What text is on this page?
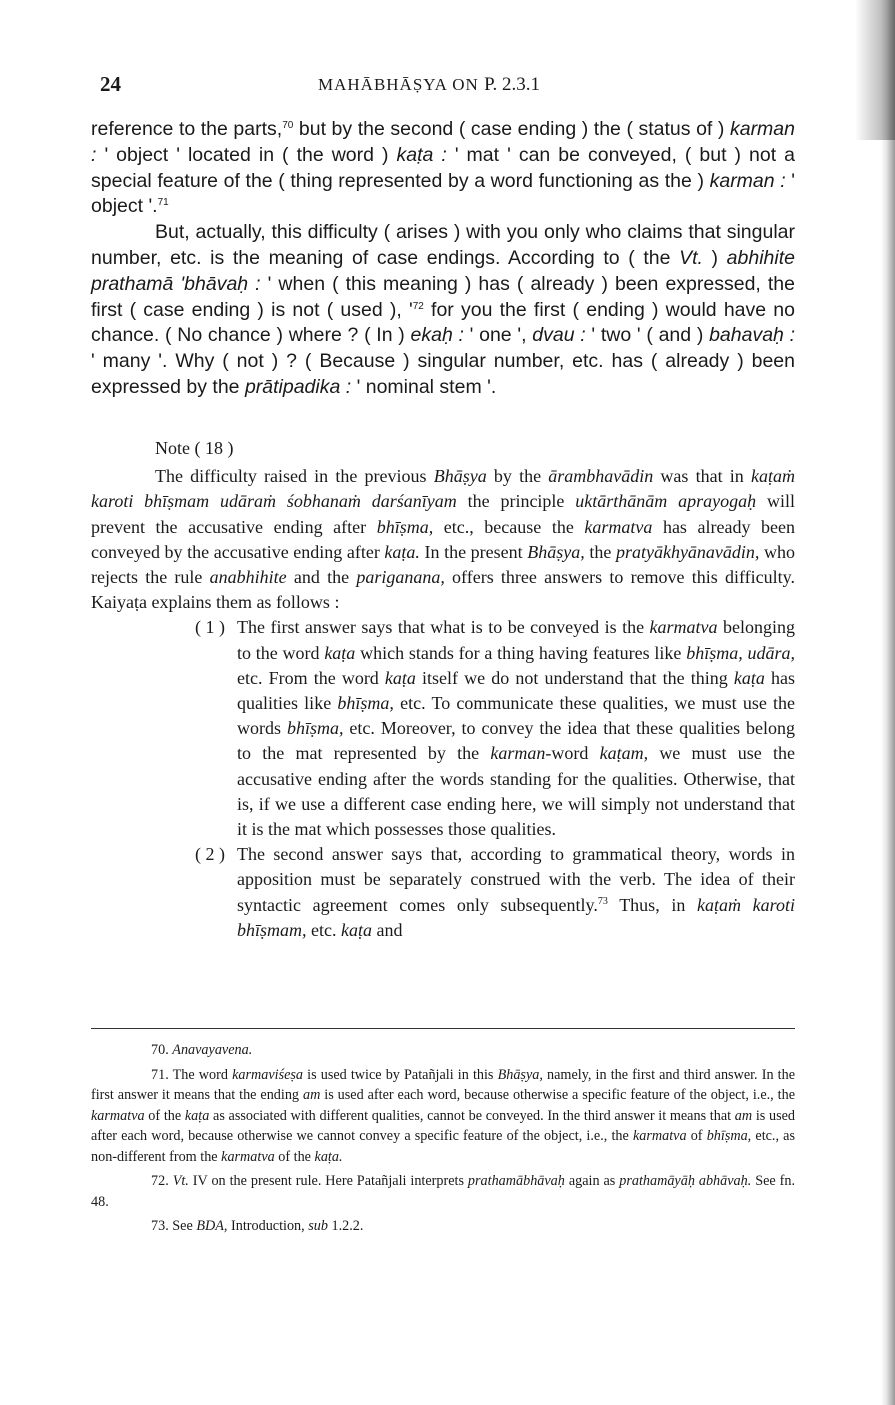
24	MAHĀBHĀṢYA ON P. 2.3.1

reference to the parts,$^{70}$ but by the second ( case ending ) the ( status of ) karman : ' object ' located in ( the word ) kaṭa : ' mat ' can be conveyed, ( but ) not a special feature of the ( thing represented by a word functioning as the ) karman : ' object '.$^{71}$

But, actually, this difficulty ( arises ) with you only who claims that singular number, etc. is the meaning of case endings. According to ( the Vt. ) abhihite prathamā 'bhāvaḥ : ' when ( this meaning ) has ( already ) been expressed, the first ( case ending ) is not ( used ), '$^{72}$ for you the first ( ending ) would have no chance. ( No chance ) where ? ( In ) ekaḥ : ' one ', dvau : ' two ' ( and ) bahavaḥ : ' many '. Why ( not ) ? ( Because ) singular number, etc. has ( already ) been expressed by the prātipadika : ' nominal stem '.

Note ( 18 )

The difficulty raised in the previous Bhāṣya by the ārambhavādin was that in kaṭaṁ karoti bhīṣmam udāraṁ śobhanaṁ darśanīyam the principle uktārthānām aprayogaḥ will prevent the accusative ending after bhīṣma, etc., because the karmatva has already been conveyed by the accusative ending after kaṭa. In the present Bhāṣya, the pratyākhyānavādin, who rejects the rule anabhihite and the pariganana, offers three answers to remove this difficulty. Kaiyaṭa explains them as follows :

( 1 ) The first answer says that what is to be conveyed is the karmatva belonging to the word kaṭa which stands for a thing having features like bhīṣma, udāra, etc. From the word kaṭa itself we do not understand that the thing kaṭa has qualities like bhīṣma, etc. To communicate these qualities, we must use the words bhīṣma, etc. Moreover, to convey the idea that these qualities belong to the mat represented by the karman-word kaṭam, we must use the accusative ending after the words standing for the qualities. Otherwise, that is, if we use a different case ending here, we will simply not understand that it is the mat which possesses those qualities.

( 2 ) The second answer says that, according to grammatical theory, words in apposition must be separately construed with the verb. The idea of their syntactic agreement comes only subsequently.$^{73}$ Thus, in kaṭaṁ karoti bhīṣmam, etc. kaṭa and

70. Anavayavena.

71. The word karmaviśeṣa is used twice by Patañjali in this Bhāṣya, namely, in the first and third answer. In the first answer it means that the ending am is used after each word, because otherwise a specific feature of the object, i.e., the karmatva of the kaṭa as associated with different qualities, cannot be conveyed. In the third answer it means that am is used after each word, because otherwise we cannot convey a specific feature of the object, i.e., the karmatva of bhīṣma, etc., as non-different from the karmatva of the kaṭa.

72. Vt. IV on the present rule. Here Patañjali interprets prathamābhāvaḥ again as prathamāyāḥ abhāvaḥ. See fn. 48.

73. See BDA, Introduction, sub 1.2.2.
